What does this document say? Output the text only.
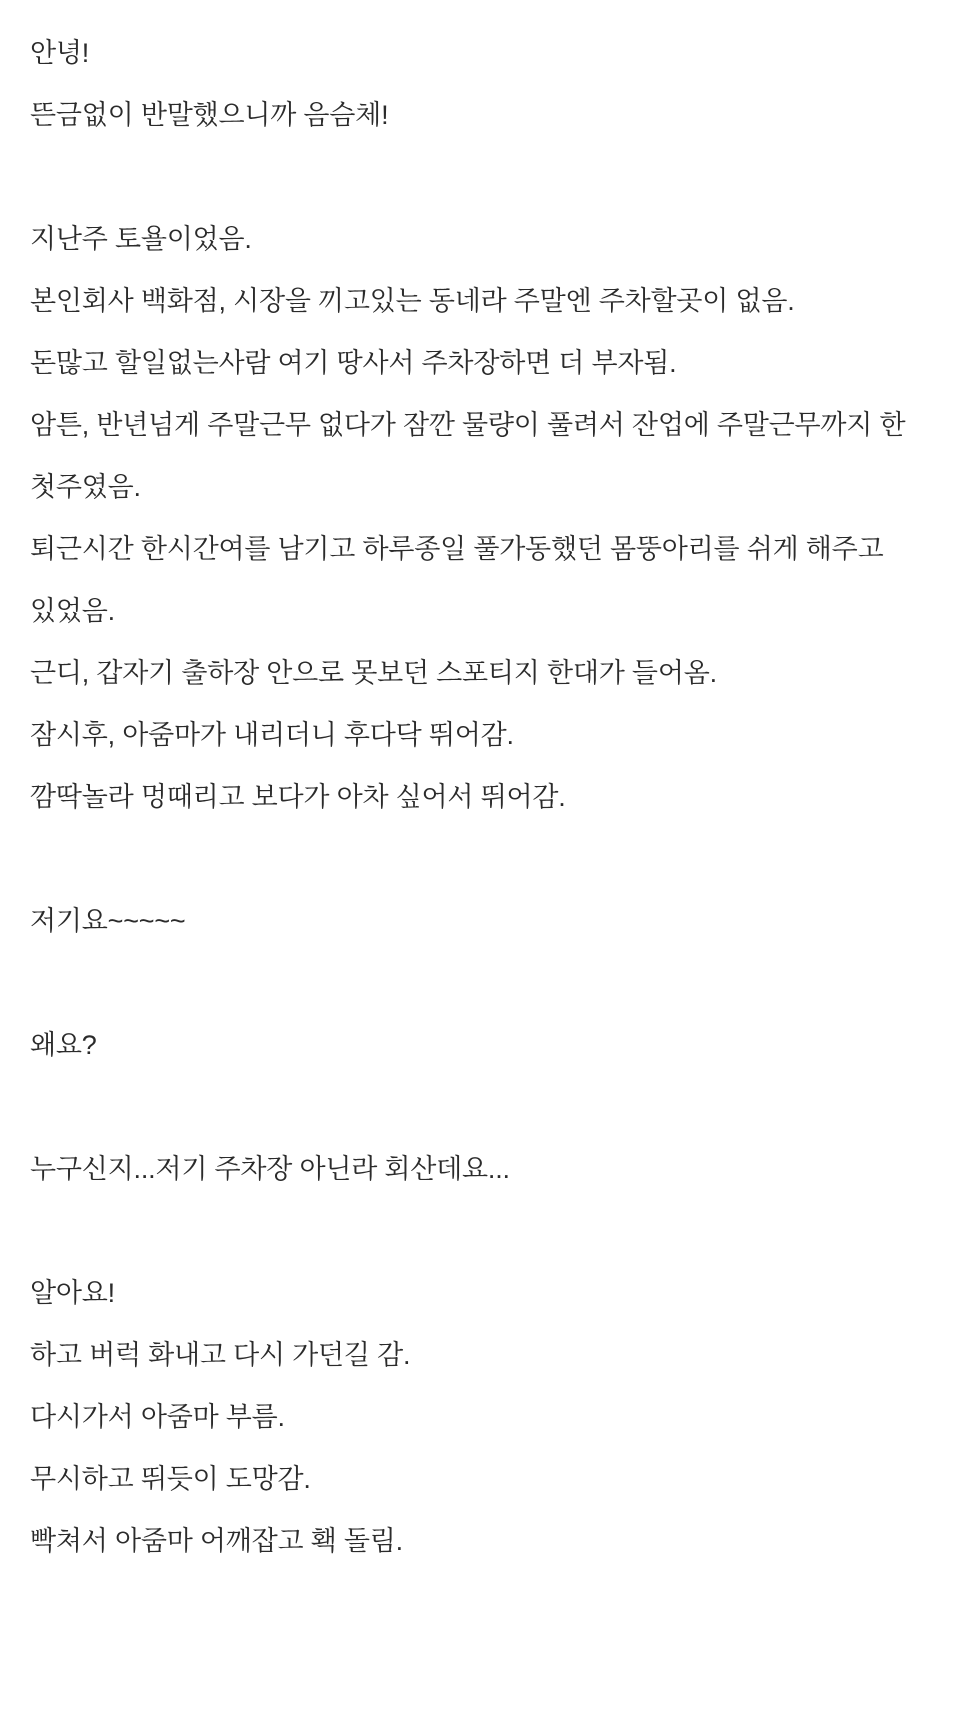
안녕!
뜬금없이 반말했으니까 음슴체!
지난주 토욜이었음.
본인회사 백화점, 시장을 끼고있는 동네라 주말엔 주차할곳이 없음.
돈많고 할일없는사람 여기 땅사서 주차장하면 더 부자됨.
암튼, 반년넘게 주말근무 없다가 잠깐 물량이 풀려서 잔업에 주말근무까지 한 첫주였음.
퇴근시간 한시간여를 남기고 하루종일 풀가동했던 몸뚱아리를 쉬게 해주고 있었음.
근디, 갑자기 출하장 안으로 못보던 스포티지 한대가 들어옴.
잠시후, 아줌마가 내리더니 후다닥 뛰어감.
깜딱놀라 멍때리고 보다가 아차 싶어서 뛰어감.
저기요~~~~~
왜요?
누구신지...저기 주차장 아닌라 회산데요...
알아요!
하고 버럭 화내고 다시 가던길 감.
다시가서 아줌마 부름.
무시하고 뛰듯이 도망감.
빡쳐서 아줌마 어깨잡고 홱 돌림.
